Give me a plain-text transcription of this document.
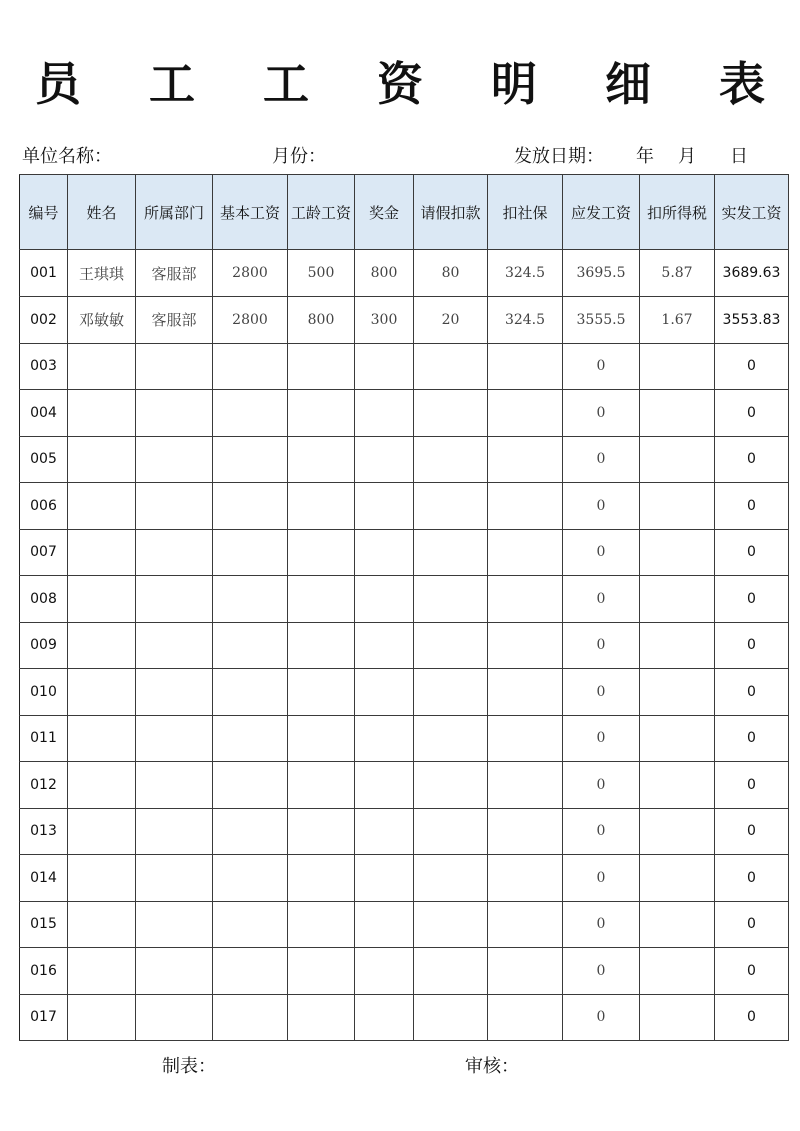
员 工 工 资 明 细 表
单位名称：	月份：	发放日期： 年 月 日
编号	姓名	所属部门	基本工资	工龄工资	奖金	请假扣款	扣社保	应发工资	扣所得税	实发工资
001	王琪琪	客服部	2800	500	800	80	324.5	3695.5	5.87	3689.63
002	邓敏敏	客服部	2800	800	300	20	324.5	3555.5	1.67	3553.83
003								0		0
004								0		0
005								0		0
006								0		0
007								0		0
008								0		0
009								0		0
010								0		0
011								0		0
012								0		0
013								0		0
014								0		0
015								0		0
016								0		0
017								0		0
制表：	审核：
